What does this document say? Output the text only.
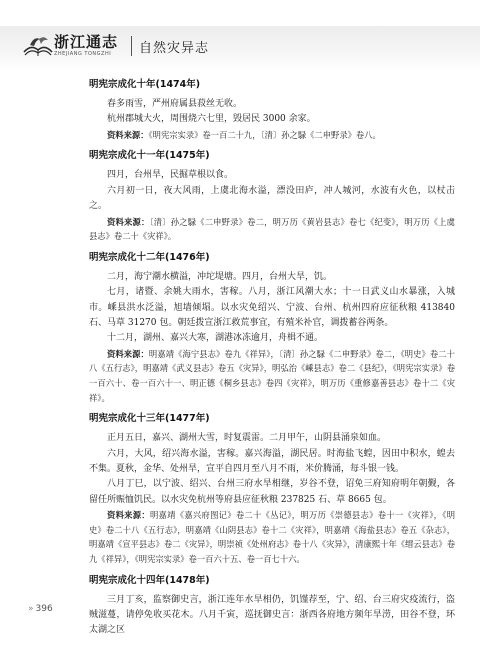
浙江通志
ZHEJIANG TONGZHI 自然灾异志
明宪宗成化十年(1474年)

春多雨雪，严州府属县菽丝无收。

杭州郡城大火，周围烧六七里，毁居民 3000 余家。

资料来源：《明宪宗实录》卷一百二十九，〔清〕孙之騄《二申野录》卷八。

明宪宗成化十一年(1475年)

四月，台州旱，民掘草根以食。

六月初一日，夜大风雨，上虞北海水溢，漂没田庐，冲人城河，水波有火色，以杖击之。

资料来源：〔清〕孙之騄《二申野录》卷二，明万历《黄岩县志》卷七《纪变》，明万历《上虞县志》卷二十《灾祥》。

明宪宗成化十二年(1476年)

二月，海宁潮水横溢，冲坨堤塘。四月，台州大旱，饥。

七月，诸暨、余姚大雨水，害稼。八月，浙江风潮大水；十一日武义山水暴涨，入城市。嵊县洪水泛溢，旭墙倾塌。以水灾免绍兴、宁波、台州、杭州四府应征秋粮 413840 石、马草 31270 包。朝廷拨宣浙江救荒事宜，有殖米补官，调拨蓄谷两条。

十二月，湖州、嘉兴大寒，湖港冰冻逾月，舟楫不通。

资料来源：明嘉靖《海宁县志》卷九《祥异》，〔清〕孙之騄《二申野录》卷二，《明史》卷二十八《五行志》，明嘉靖《武义县志》卷五《灾异》，明弘治《嵊县志》卷二《县纪》，《明宪宗实录》卷一百六十、卷一百六十一、明正德《桐乡县志》卷四《灾祥》，明万历《重修嘉善县志》卷十二《灾祥》。

明宪宗成化十三年(1477年)

正月五日，嘉兴、湖州大雪，时复震雷。二月甲午，山阴县涌泉如血。

六月，大风，绍兴海水溢，害稼。嘉兴海溢，湖民居。时海盐飞蝗，因田中积水，蝗去不集。夏秋，金华、处州旱，宣平自四月至八月不雨，米价腾涌，每斗银一钱。

八月丁巳，以宁波、绍兴、台州三府水旱相继，岁谷不登，诏免三府知府明年朝觐，各留任所赈恤饥民。以水灾免杭州等府县应征秋粮 237825 石、草 8665 包。

资料来源：明嘉靖《嘉兴府图记》卷二十《丛记》，明万历《崇德县志》卷十一《灾祥》，《明史》卷二十八《五行志》，明嘉靖《山阴县志》卷十二《灾祥》，明嘉靖《海盐县志》卷五《杂志》，明嘉靖《宣平县志》卷二《灾异》，明崇祯《处州府志》卷十八《灾异》，清康熙十年《缙云县志》卷九《祥异》，《明宪宗实录》卷一百六十五、卷一百七十六。

明宪宗成化十四年(1478年)

三月丁亥，监察御史言，浙江连年水旱相仍，饥馑荐至，宁、绍、台三府灾疫流行，盗贼滋蔓，请停免收买花木。八月千寅，巡抚御史言：浙西各府地方频年旱涝，田谷不登，环太湖之区

» 396
